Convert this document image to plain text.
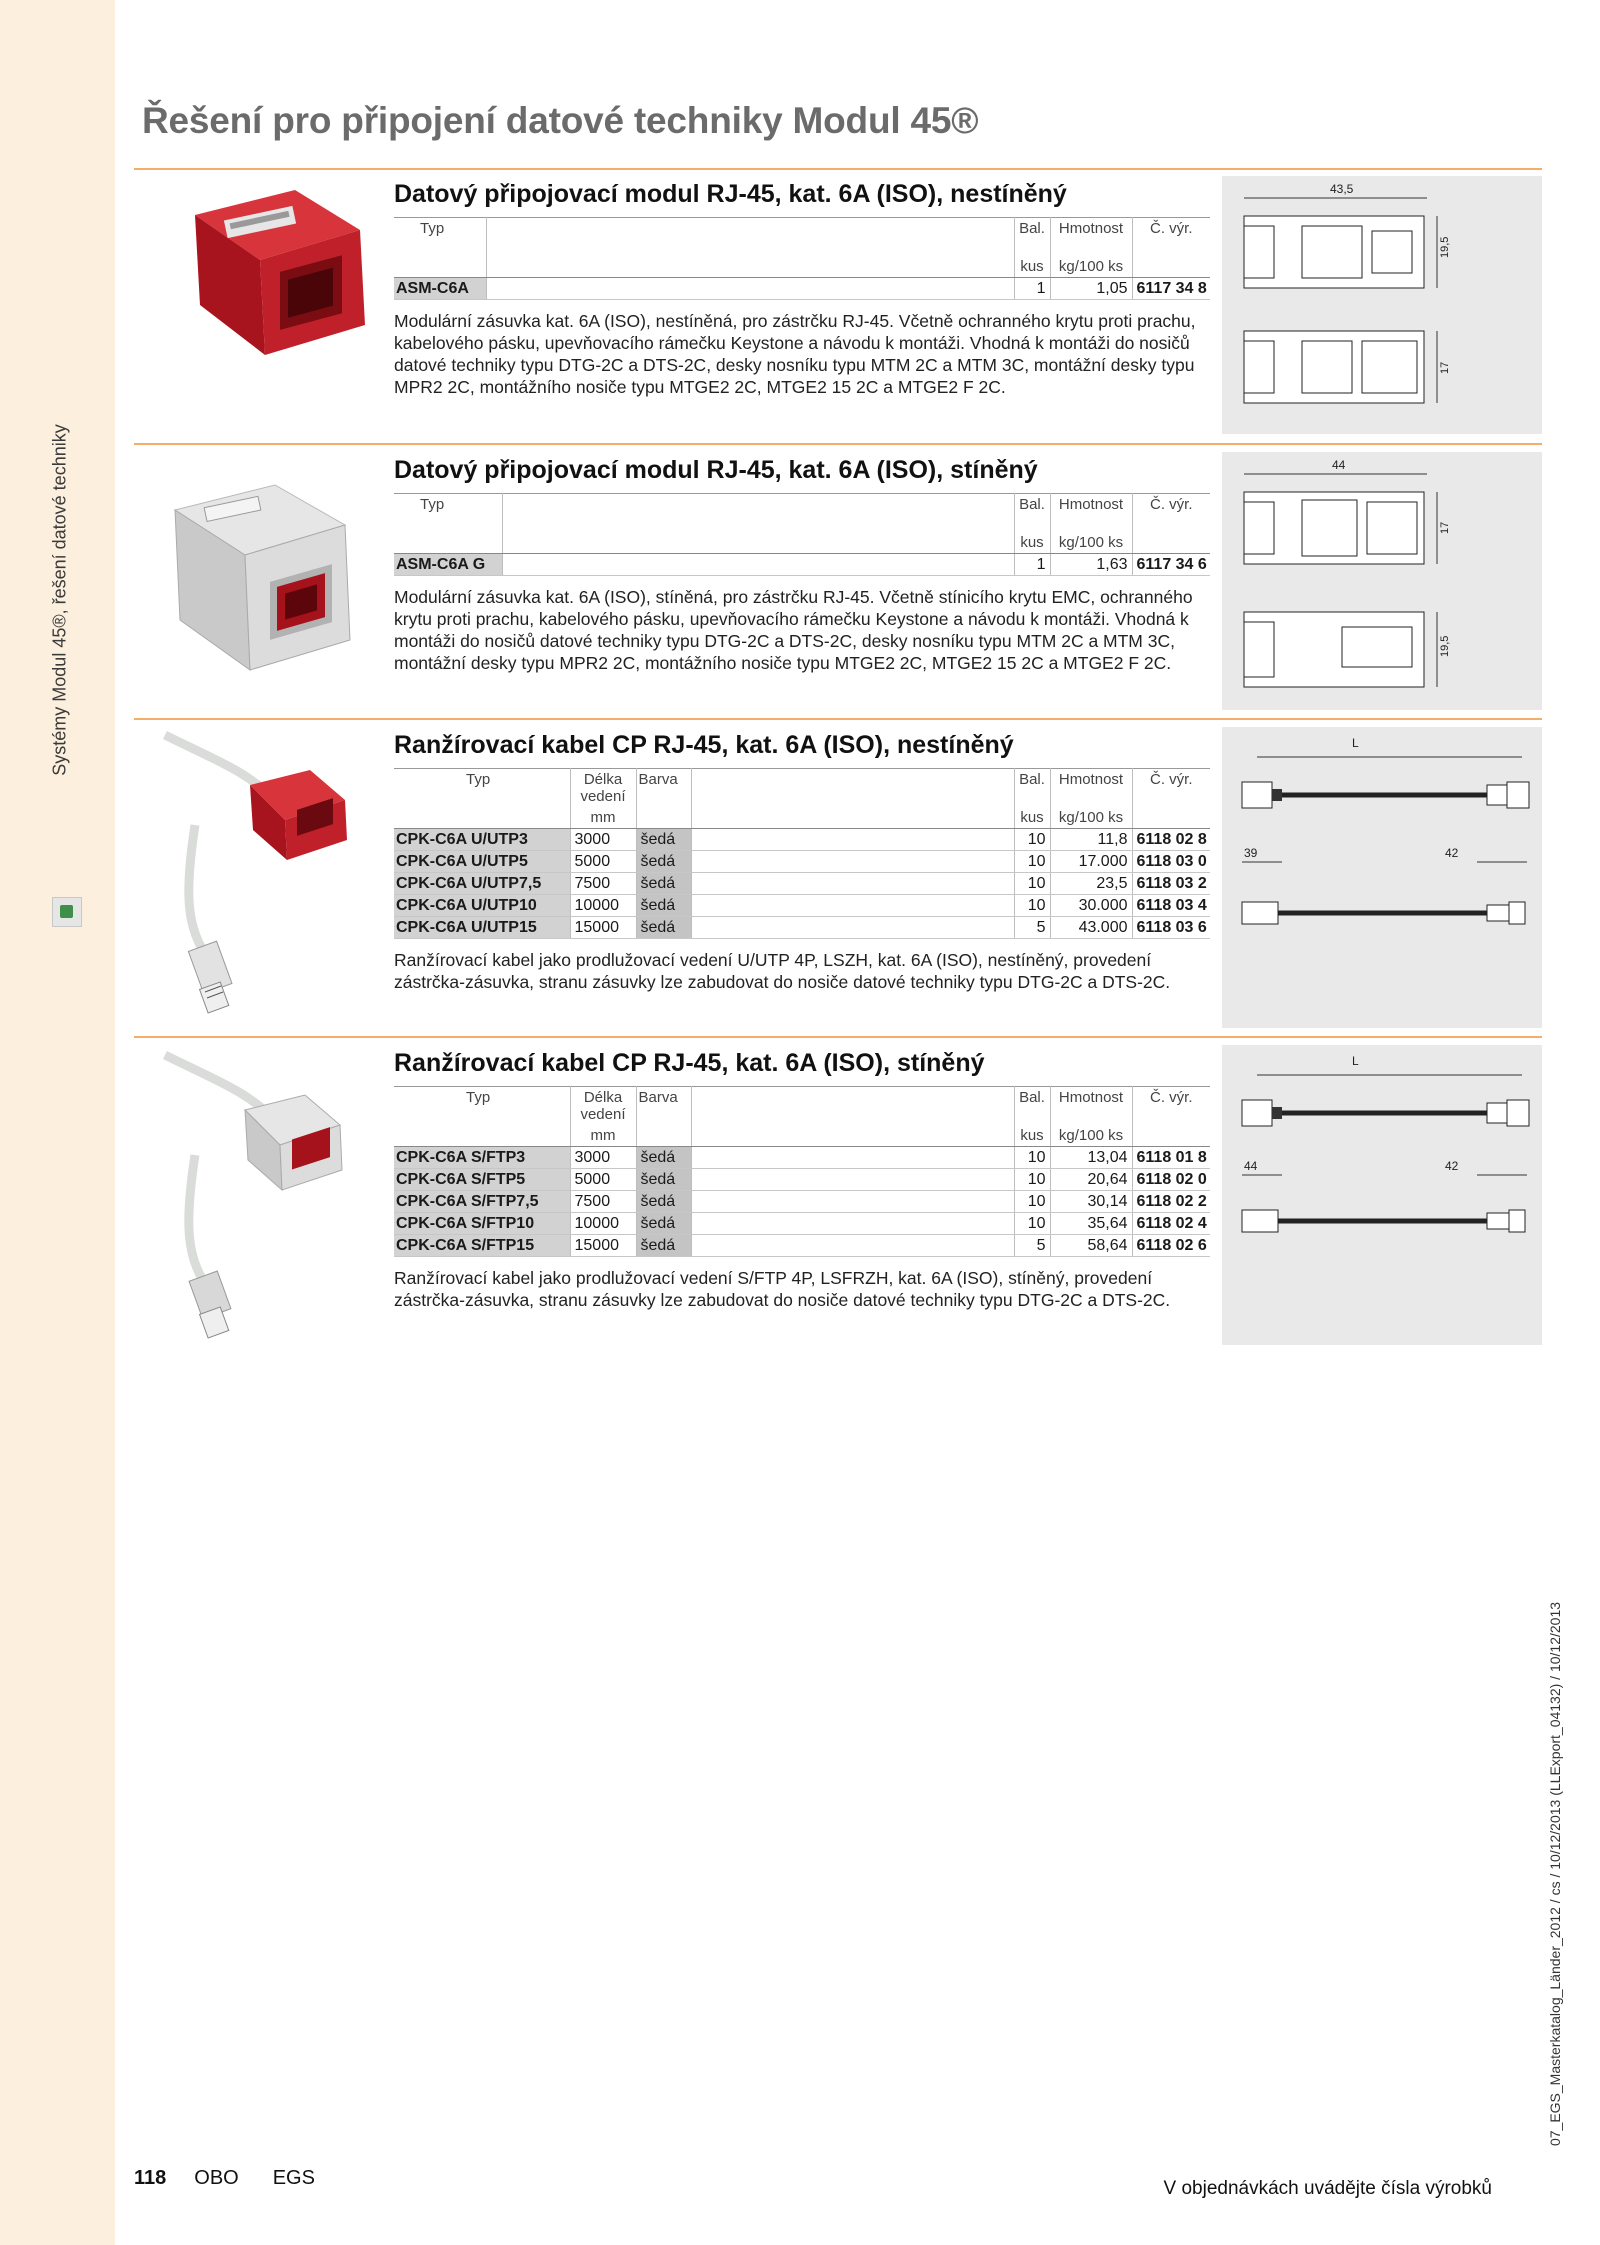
Systémy Modul 45®, řešení datové techniky
Řešení pro připojení datové techniky Modul 45®
43,5
19,5
17
44
17
19,5
L
39	42
L
44	42
Datový připojovací modul RJ-45, kat. 6A (ISO), nestíněný
Typ		Bal.	Hmotnost	Č. výr.
		kus	kg/100 ks	
ASM-C6A		1	1,05	6117 34 8

Modulární zásuvka kat. 6A (ISO), nestíněná, pro zástrčku RJ-45. Včetně ochranného krytu proti prachu, kabelového pásku, upevňovacího rámečku Keystone a návodu k montáži. Vhodná k montáži do nosičů datové techniky typu DTG-2C a DTS-2C, desky nosníku typu MTM 2C a MTM 3C, montážní desky typu MPR2 2C, montážního nosiče typu MTGE2 2C, MTGE2 15 2C a MTGE2 F 2C.

Datový připojovací modul RJ-45, kat. 6A (ISO), stíněný
Typ		Bal.	Hmotnost	Č. výr.
		kus	kg/100 ks	
ASM-C6A G		1	1,63	6117 34 6

Modulární zásuvka kat. 6A (ISO), stíněná, pro zástrčku RJ-45. Včetně stínicího krytu EMC, ochranného krytu proti prachu, kabelového pásku, upevňovacího rámečku Keystone a návodu k montáži. Vhodná k montáži do nosičů datové techniky typu DTG-2C a DTS-2C, desky nosníku typu MTM 2C a MTM 3C, montážní desky typu MPR2 2C, montážního nosiče typu MTGE2 2C, MTGE2 15 2C a MTGE2 F 2C.

Ranžírovací kabel CP RJ-45, kat. 6A (ISO), nestíněný
Typ	Délka
vedení	Barva		Bal.	Hmotnost	Č. výr.
	mm			kus	kg/100 ks	
CPK-C6A U/UTP3	3000	šedá		10	11,8	6118 02 8
CPK-C6A U/UTP5	5000	šedá		10	17.000	6118 03 0
CPK-C6A U/UTP7,5	7500	šedá		10	23,5	6118 03 2
CPK-C6A U/UTP10	10000	šedá		10	30.000	6118 03 4
CPK-C6A U/UTP15	15000	šedá		5	43.000	6118 03 6

Ranžírovací kabel jako prodlužovací vedení U/UTP 4P, LSZH, kat. 6A (ISO), nestíněný, provedení zástrčka-zásuvka, stranu zásuvky lze zabudovat do nosiče datové techniky typu DTG-2C a DTS-2C.

Ranžírovací kabel CP RJ-45, kat. 6A (ISO), stíněný
Typ	Délka
vedení	Barva		Bal.	Hmotnost	Č. výr.
	mm			kus	kg/100 ks	
CPK-C6A S/FTP3	3000	šedá		10	13,04	6118 01 8
CPK-C6A S/FTP5	5000	šedá		10	20,64	6118 02 0
CPK-C6A S/FTP7,5	7500	šedá		10	30,14	6118 02 2
CPK-C6A S/FTP10	10000	šedá		10	35,64	6118 02 4
CPK-C6A S/FTP15	15000	šedá		5	58,64	6118 02 6

Ranžírovací kabel jako prodlužovací vedení S/FTP 4P, LSFRZH, kat. 6A (ISO), stíněný, provedení zástrčka-zásuvka, stranu zásuvky lze zabudovat do nosiče datové techniky typu DTG-2C a DTS-2C.

118 OBO EGS	V objednávkách uvádějte čísla výrobků
07_EGS_Masterkatalog_Länder_2012 / cs / 10/12/2013 (LLExport_04132) / 10/12/2013
